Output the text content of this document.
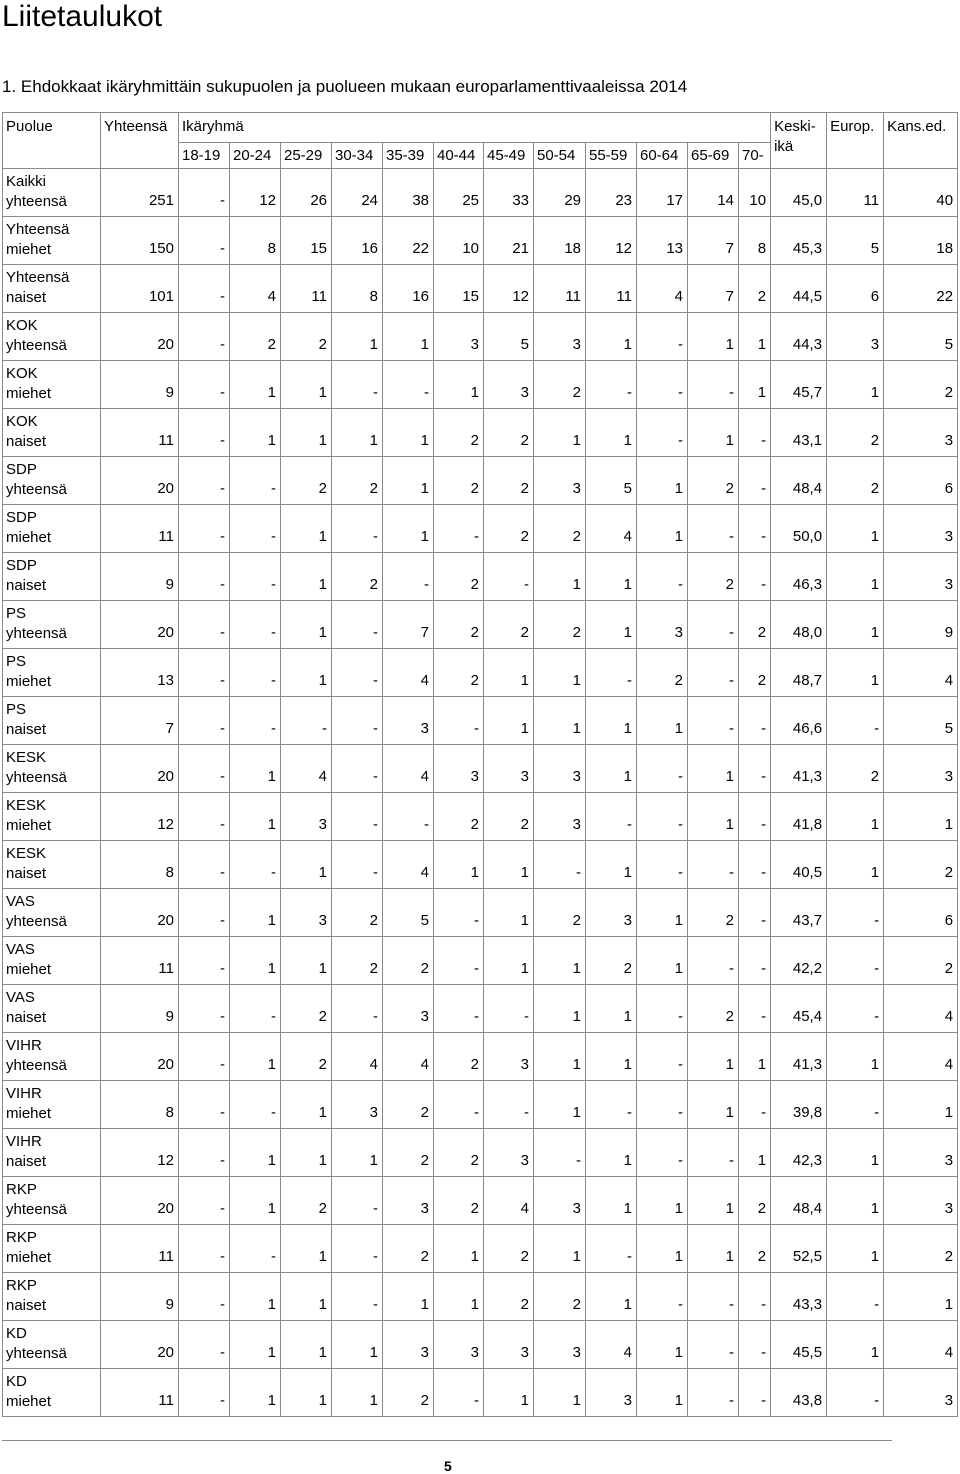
Liitetaulukot
1. Ehdokkaat ikäryhmittäin sukupuolen ja puolueen mukaan europarlamenttivaaleissa 2014
Puolue	Yhteensä	Ikäryhmä												Keski-
ikä	Europ.	Kans.ed.
		18-19	20-24	25-29	30-34	35-39	40-44	45-49	50-54	55-59	60-64	65-69	70-			

Kaikki
yhteensä	251	-	12	26	24	38	25	33	29	23	17	14	10	45,0	11	40

Yhteensä
miehet	150	-	8	15	16	22	10	21	18	12	13	7	8	45,3	5	18

Yhteensä
naiset	101	-	4	11	8	16	15	12	11	11	4	7	2	44,5	6	22

KOK
yhteensä	20	-	2	2	1	1	3	5	3	1	-	1	1	44,3	3	5

KOK
miehet	9	-	1	1	-	-	1	3	2	-	-	-	1	45,7	1	2

KOK
naiset	11	-	1	1	1	1	2	2	1	1	-	1	-	43,1	2	3

SDP
yhteensä	20	-	-	2	2	1	2	2	3	5	1	2	-	48,4	2	6

SDP
miehet	11	-	-	1	-	1	-	2	2	4	1	-	-	50,0	1	3

SDP
naiset	9	-	-	1	2	-	2	-	1	1	-	2	-	46,3	1	3

PS
yhteensä	20	-	-	1	-	7	2	2	2	1	3	-	2	48,0	1	9

PS
miehet	13	-	-	1	-	4	2	1	1	-	2	-	2	48,7	1	4

PS
naiset	7	-	-	-	-	3	-	1	1	1	1	-	-	46,6	-	5

KESK
yhteensä	20	-	1	4	-	4	3	3	3	1	-	1	-	41,3	2	3

KESK
miehet	12	-	1	3	-	-	2	2	3	-	-	1	-	41,8	1	1

KESK
naiset	8	-	-	1	-	4	1	1	-	1	-	-	-	40,5	1	2

VAS
yhteensä	20	-	1	3	2	5	-	1	2	3	1	2	-	43,7	-	6

VAS
miehet	11	-	1	1	2	2	-	1	1	2	1	-	-	42,2	-	2

VAS
naiset	9	-	-	2	-	3	-	-	1	1	-	2	-	45,4	-	4

VIHR
yhteensä	20	-	1	2	4	4	2	3	1	1	-	1	1	41,3	1	4

VIHR
miehet	8	-	-	1	3	2	-	-	1	-	-	1	-	39,8	-	1

VIHR
naiset	12	-	1	1	1	2	2	3	-	1	-	-	1	42,3	1	3

RKP
yhteensä	20	-	1	2	-	3	2	4	3	1	1	1	2	48,4	1	3

RKP
miehet	11	-	-	1	-	2	1	2	1	-	1	1	2	52,5	1	2

RKP
naiset	9	-	1	1	-	1	1	2	2	1	-	-	-	43,3	-	1

KD
yhteensä	20	-	1	1	1	3	3	3	3	4	1	-	-	45,5	1	4

KD
miehet	11	-	1	1	1	2	-	1	1	3	1	-	-	43,8	-	3
5
